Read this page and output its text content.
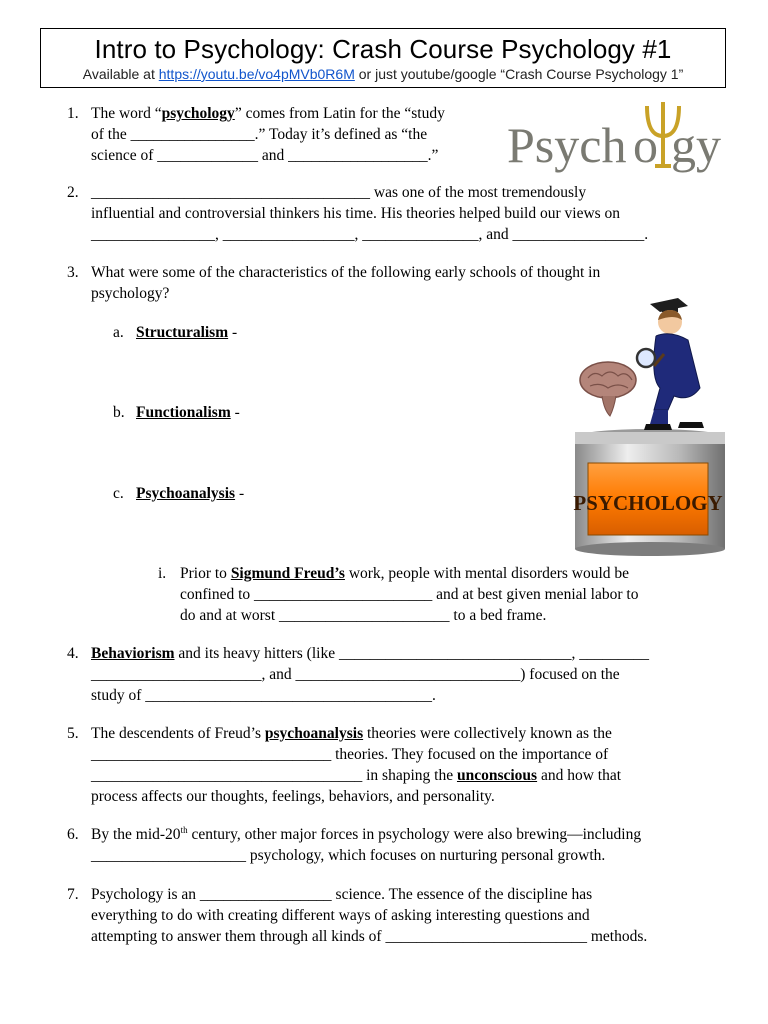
Intro to Psychology: Crash Course Psychology #1
Available at https://youtu.be/vo4pMVb0R6M or just youtube/google “Crash Course Psychology 1”
Psych o gy
1. The word “psychology” comes from Latin for the “study
of the ________________.” Today it’s defined as “the
science of _____________ and __________________.”
2. ____________________________________ was one of the most tremendously
influential and controversial thinkers his time. His theories helped build our views on
________________, _________________, _______________, and _________________.
3. What were some of the characteristics of the following early schools of thought in
psychology?
a. Structuralism -
b. Functionalism -
c. Psychoanalysis -
i. Prior to Sigmund Freud’s work, people with mental disorders would be
confined to _______________________ and at best given menial labor to
do and at worst ______________________ to a bed frame.
PSYCHOLOGY
4. Behaviorism and its heavy hitters (like ______________________________, _________
______________________, and _____________________________) focused on the
study of _____________________________________.
5. The descendents of Freud’s psychoanalysis theories were collectively known as the
_______________________________ theories. They focused on the importance of
___________________________________ in shaping the unconscious and how that
process affects our thoughts, feelings, behaviors, and personality.
6. By the mid-20th century, other major forces in psychology were also brewing—including
____________________ psychology, which focuses on nurturing personal growth.
7. Psychology is an _________________ science. The essence of the discipline has
everything to do with creating different ways of asking interesting questions and
attempting to answer them through all kinds of __________________________ methods.
